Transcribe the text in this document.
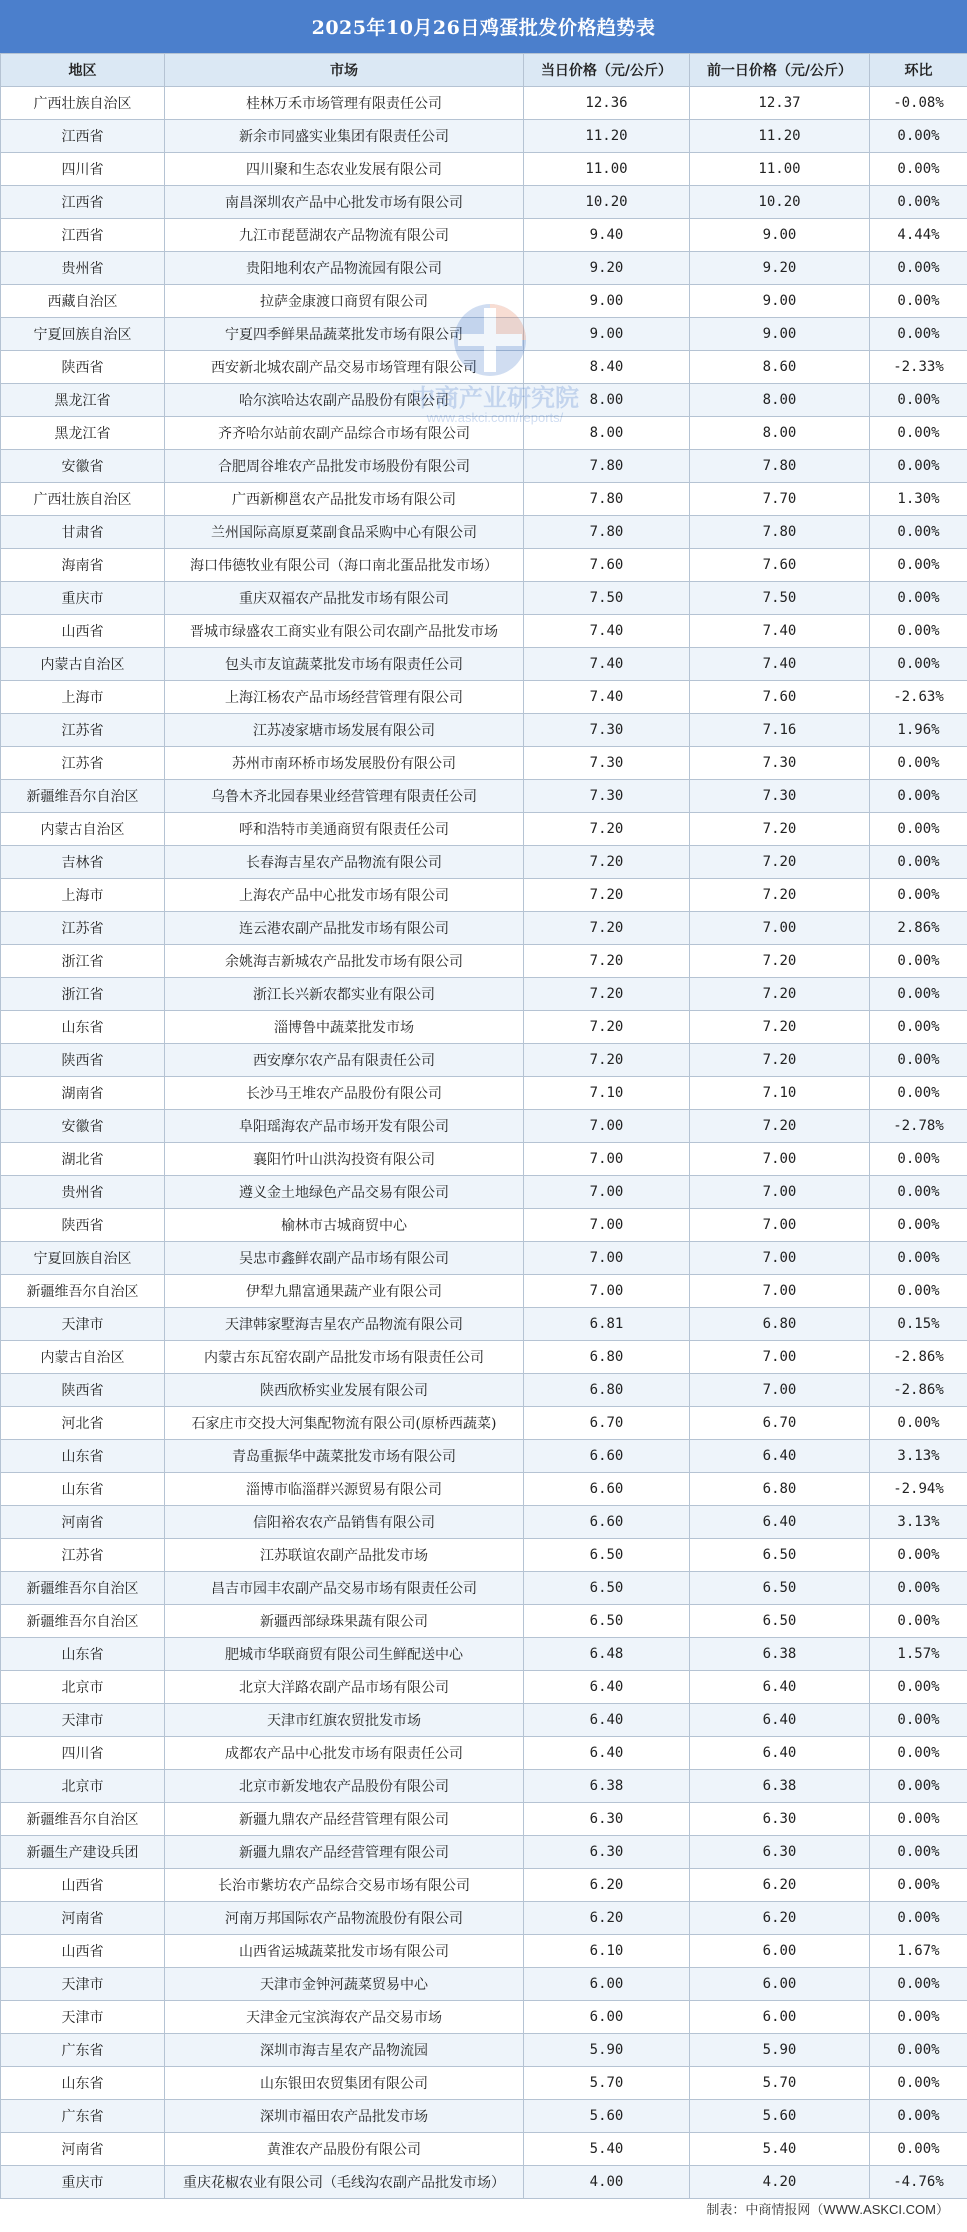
2025年10月26日鸡蛋批发价格趋势表
地区	市场	当日价格（元/公斤）	前一日价格（元/公斤）	环比
广西壮族自治区	桂林万禾市场管理有限责任公司	12.36	12.37	-0.08%
江西省	新余市同盛实业集团有限责任公司	11.20	11.20	0.00%
四川省	四川聚和生态农业发展有限公司	11.00	11.00	0.00%
江西省	南昌深圳农产品中心批发市场有限公司	10.20	10.20	0.00%
江西省	九江市琵琶湖农产品物流有限公司	9.40	9.00	4.44%
贵州省	贵阳地利农产品物流园有限公司	9.20	9.20	0.00%
西藏自治区	拉萨金康渡口商贸有限公司	9.00	9.00	0.00%
宁夏回族自治区	宁夏四季鲜果品蔬菜批发市场有限公司	9.00	9.00	0.00%
陕西省	西安新北城农副产品交易市场管理有限公司	8.40	8.60	-2.33%
黑龙江省	哈尔滨哈达农副产品股份有限公司	8.00	8.00	0.00%
黑龙江省	齐齐哈尔站前农副产品综合市场有限公司	8.00	8.00	0.00%
安徽省	合肥周谷堆农产品批发市场股份有限公司	7.80	7.80	0.00%
广西壮族自治区	广西新柳邕农产品批发市场有限公司	7.80	7.70	1.30%
甘肃省	兰州国际高原夏菜副食品采购中心有限公司	7.80	7.80	0.00%
海南省	海口伟德牧业有限公司（海口南北蛋品批发市场）	7.60	7.60	0.00%
重庆市	重庆双福农产品批发市场有限公司	7.50	7.50	0.00%
山西省	晋城市绿盛农工商实业有限公司农副产品批发市场	7.40	7.40	0.00%
内蒙古自治区	包头市友谊蔬菜批发市场有限责任公司	7.40	7.40	0.00%
上海市	上海江杨农产品市场经营管理有限公司	7.40	7.60	-2.63%
江苏省	江苏凌家塘市场发展有限公司	7.30	7.16	1.96%
江苏省	苏州市南环桥市场发展股份有限公司	7.30	7.30	0.00%
新疆维吾尔自治区	乌鲁木齐北园春果业经营管理有限责任公司	7.30	7.30	0.00%
内蒙古自治区	呼和浩特市美通商贸有限责任公司	7.20	7.20	0.00%
吉林省	长春海吉星农产品物流有限公司	7.20	7.20	0.00%
上海市	上海农产品中心批发市场有限公司	7.20	7.20	0.00%
江苏省	连云港农副产品批发市场有限公司	7.20	7.00	2.86%
浙江省	余姚海吉新城农产品批发市场有限公司	7.20	7.20	0.00%
浙江省	浙江长兴新农都实业有限公司	7.20	7.20	0.00%
山东省	淄博鲁中蔬菜批发市场	7.20	7.20	0.00%
陕西省	西安摩尔农产品有限责任公司	7.20	7.20	0.00%
湖南省	长沙马王堆农产品股份有限公司	7.10	7.10	0.00%
安徽省	阜阳瑶海农产品市场开发有限公司	7.00	7.20	-2.78%
湖北省	襄阳竹叶山洪沟投资有限公司	7.00	7.00	0.00%
贵州省	遵义金土地绿色产品交易有限公司	7.00	7.00	0.00%
陕西省	榆林市古城商贸中心	7.00	7.00	0.00%
宁夏回族自治区	吴忠市鑫鲜农副产品市场有限公司	7.00	7.00	0.00%
新疆维吾尔自治区	伊犁九鼎富通果蔬产业有限公司	7.00	7.00	0.00%
天津市	天津韩家墅海吉星农产品物流有限公司	6.81	6.80	0.15%
内蒙古自治区	内蒙古东瓦窑农副产品批发市场有限责任公司	6.80	7.00	-2.86%
陕西省	陕西欣桥实业发展有限公司	6.80	7.00	-2.86%
河北省	石家庄市交投大河集配物流有限公司(原桥西蔬菜)	6.70	6.70	0.00%
山东省	青岛重振华中蔬菜批发市场有限公司	6.60	6.40	3.13%
山东省	淄博市临淄群兴源贸易有限公司	6.60	6.80	-2.94%
河南省	信阳裕农农产品销售有限公司	6.60	6.40	3.13%
江苏省	江苏联谊农副产品批发市场	6.50	6.50	0.00%
新疆维吾尔自治区	昌吉市园丰农副产品交易市场有限责任公司	6.50	6.50	0.00%
新疆维吾尔自治区	新疆西部绿珠果蔬有限公司	6.50	6.50	0.00%
山东省	肥城市华联商贸有限公司生鲜配送中心	6.48	6.38	1.57%
北京市	北京大洋路农副产品市场有限公司	6.40	6.40	0.00%
天津市	天津市红旗农贸批发市场	6.40	6.40	0.00%
四川省	成都农产品中心批发市场有限责任公司	6.40	6.40	0.00%
北京市	北京市新发地农产品股份有限公司	6.38	6.38	0.00%
新疆维吾尔自治区	新疆九鼎农产品经营管理有限公司	6.30	6.30	0.00%
新疆生产建设兵团	新疆九鼎农产品经营管理有限公司	6.30	6.30	0.00%
山西省	长治市紫坊农产品综合交易市场有限公司	6.20	6.20	0.00%
河南省	河南万邦国际农产品物流股份有限公司	6.20	6.20	0.00%
山西省	山西省运城蔬菜批发市场有限公司	6.10	6.00	1.67%
天津市	天津市金钟河蔬菜贸易中心	6.00	6.00	0.00%
天津市	天津金元宝滨海农产品交易市场	6.00	6.00	0.00%
广东省	深圳市海吉星农产品物流园	5.90	5.90	0.00%
山东省	山东银田农贸集团有限公司	5.70	5.70	0.00%
广东省	深圳市福田农产品批发市场	5.60	5.60	0.00%
河南省	黄淮农产品股份有限公司	5.40	5.40	0.00%
重庆市	重庆花椒农业有限公司（毛线沟农副产品批发市场）	4.00	4.20	-4.76%
中商产业研究院
www.askci.com/reports/
制表：中商情报网（WWW.ASKCI.COM）
